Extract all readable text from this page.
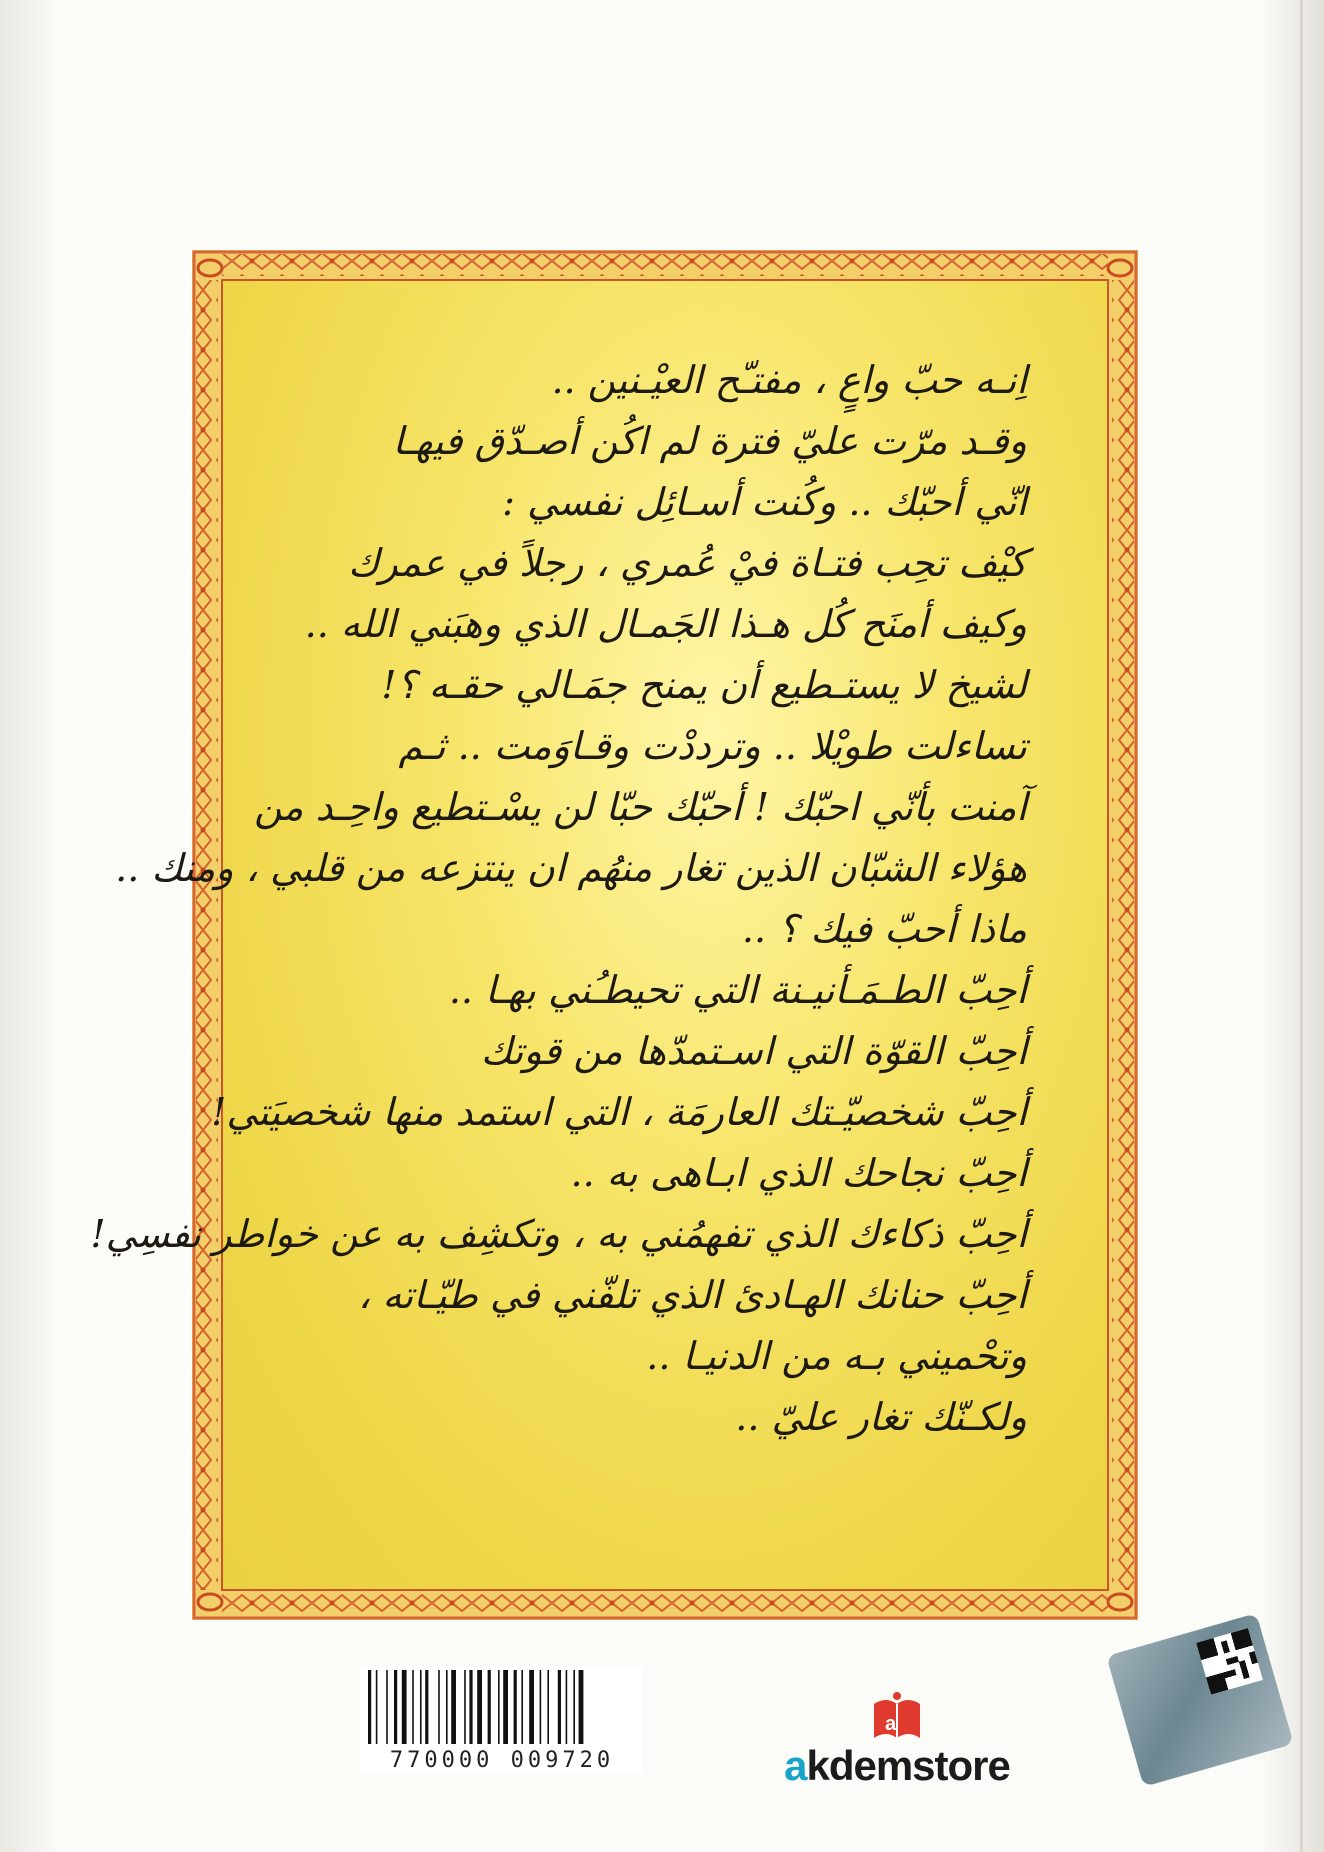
اِنـه حبّ واعٍ ، مفتـّح العيْـنين ..
وقـد مرّت عليّ فترة لم اكُن أصـدّق فيهـا
انّي أحبّك .. وكُنت أسـائِل نفسي :
كيْف تحِب فتـاة فيْ عُمري ، رجلاً في عمرك
وكيف أمنَح كُل هـذا الجَمـال الذي وهبَني الله ..
لشيخ لا يستـطيع أن يمنح جمَـالي حقـه ؟!
تساءلت طويْلا .. وترددْت وقـاوَمت .. ثـم
آمنت بأنّي احبّك ! أحبّك حبّا لن يسْـتطيع واحِـد من
هؤلاء الشبّان الذين تغار منهُم ان ينتزعه من قلبي ، ومنك ..
ماذا أحبّ فيك ؟ ..
أحِبّ الطـمَـأنيـنة التي تحيطـُني بهـا ..
أحِبّ القوّة التي اسـتمدّها من قوتك
أحِبّ شخصيّـتك العارمَة ، التي استمد منها شخصيَتي!
أحِبّ نجاحك الذي ابـاهى به ..
أحِبّ ذكاءك الذي تفهمُني به ، وتكشِف به عن خواطر نفسِي!
أحِبّ حنانك الهـادئ الذي تلفّني في طيّـاته ،
وتحْميني بـه من الدنيـا ..
ولكـنّك تغار عليّ ..
770000 009720
a
akdemstore
